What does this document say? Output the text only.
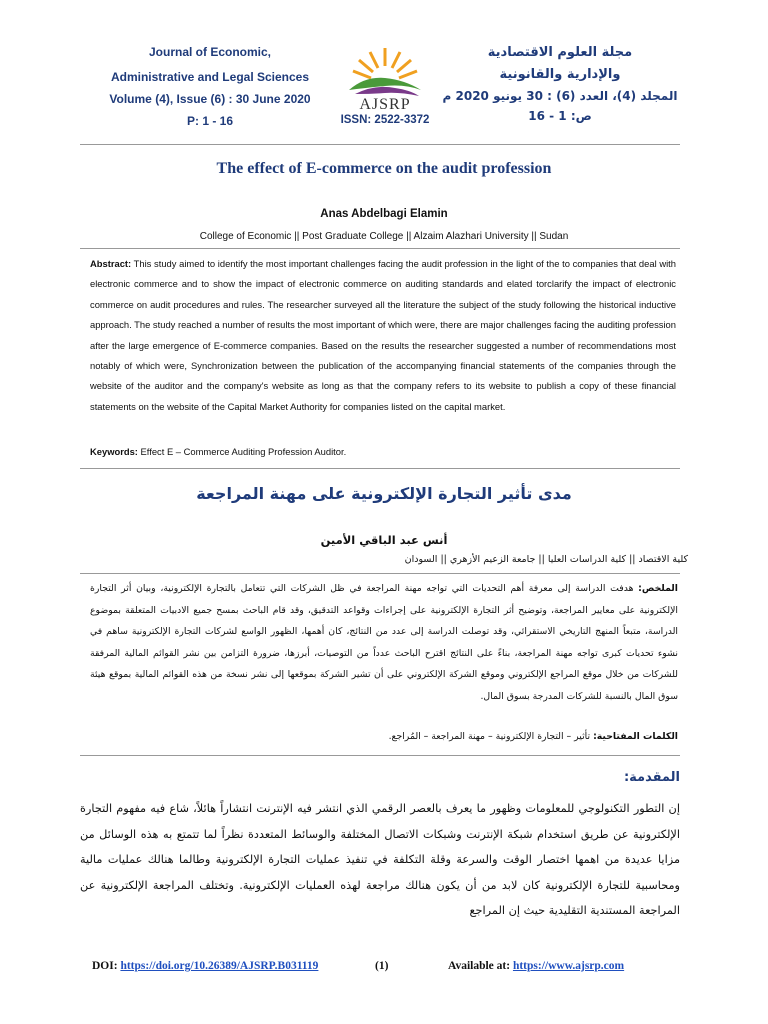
Journal of Economic,
Administrative and Legal Sciences
Volume (4), Issue (6) : 30 June 2020
P: 1 - 16
AJSRP
ISSN: 2522-3372
مجلة العلوم الاقتصادية
والإدارية والقانونية
المجلد (4)، العدد (6) : 30 يونيو 2020 م
ص: 1 - 16
The effect of E-commerce on the audit profession
Anas Abdelbagi Elamin
College of Economic || Post Graduate College || Alzaim Alazhari University || Sudan
Abstract: This study aimed to identify the most important challenges facing the audit profession in the light of the to companies that deal with electronic commerce and to show the impact of electronic commerce on auditing standards and elated torclarify the impact of electronic commerce on audit procedures and rules. The researcher surveyed all the literature the subject of the study following the historical inductive approach. The study reached a number of results the most important of which were, there are major challenges facing the auditing profession after the large emergence of E-commerce companies. Based on the results the researcher suggested a number of recommendations most notably of which were, Synchronization between the publication of the accompanying financial statements of the companies through the website of the auditor and the company's website as long as that the company refers to its website to publish a copy of these financial statements on the website of the Capital Market Authority for companies listed on the capital market.
Keywords: Effect E – Commerce Auditing Profession Auditor.
مدى تأثير التجارة الإلكترونية على مهنة المراجعة
أنس عبد الباقي الأمين
كلية الاقتصاد || كلية الدراسات العليا || جامعة الزعيم الأزهري || السودان
الملخص: هدفت الدراسة إلى معرفة أهم التحديات التي تواجه مهنة المراجعة في ظل الشركات التي تتعامل بالتجارة الإلكترونية، وبيان أثر التجارة الإلكترونية على معايير المراجعة، وتوضيح أثر التجارة الإلكترونية على إجراءات وقواعد التدقيق، وقد قام الباحث بمسح جميع الادبيات المتعلقة بموضوع الدراسة، متبعاً المنهج التاريخي الاستقرائي، وقد توصلت الدراسة إلى عدد من النتائج، كان أهمها، الظهور الواسع لشركات التجارة الإلكترونية ساهم في نشوء تحديات كبرى تواجه مهنة المراجعة، بناءً على النتائج اقترح الباحث عدداً من التوصيات، أبرزها، ضرورة التزامن بين نشر القوائم المالية المرفقة للشركات من خلال موقع المراجع الإلكتروني وموقع الشركة الإلكتروني على أن تشير الشركة بموقعها إلى نشر نسخة من هذه القوائم المالية بموقع هيئة سوق المال بالنسبة للشركات المدرجة بسوق المال.
الكلمات المفتاحية: تأثير – التجارة الإلكترونية – مهنة المراجعة – المُراجع.
المقدمة:
إن التطور التكنولوجي للمعلومات وظهور ما يعرف بالعصر الرقمي الذي انتشر فيه الإنترنت انتشاراً هائلاً، شاع فيه مفهوم التجارة الإلكترونية عن طريق استخدام شبكة الإنترنت وشبكات الاتصال المختلفة والوسائط المتعددة نظراً لما تتمتع به هذه الوسائل من مزايا عديدة من اهمها اختصار الوقت والسرعة وقلة التكلفة في تنفيذ عمليات التجارة الإلكترونية وطالما هنالك عمليات مالية ومحاسبية للتجارة الإلكترونية كان لابد من أن يكون هنالك مراجعة لهذه العمليات الإلكترونية. وتختلف المراجعة الإلكترونية عن المراجعة المستندية التقليدية حيث إن المراجع
DOI: https://doi.org/10.26389/AJSRP.B031119	(1)	Available at: https://www.ajsrp.com
